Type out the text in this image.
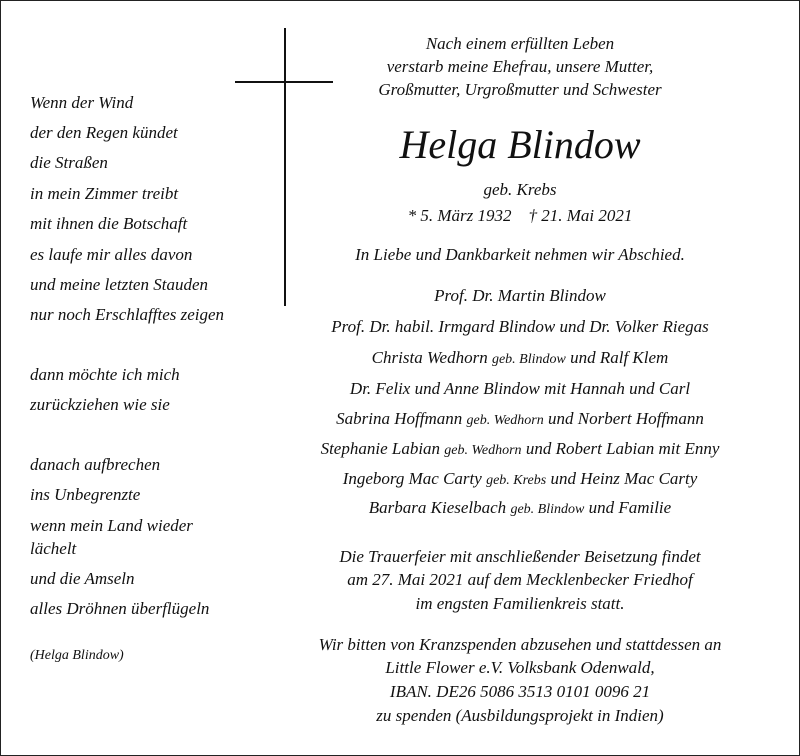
Wenn der Wind
der den Regen kündet
die Straßen
in mein Zimmer treibt
mit ihnen die Botschaft
es laufe mir alles davon
und meine letzten Stauden
nur noch Erschlafftes zeigen
dann möchte ich mich
zurückziehen wie sie
danach aufbrechen
ins Unbegrenzte
wenn mein Land wieder
lächelt
und die Amseln
alles Dröhnen überflügeln
(Helga Blindow)
Nach einem erfüllten Leben
verstarb meine Ehefrau, unsere Mutter,
Großmutter, Urgroßmutter und Schwester
Helga Blindow
geb. Krebs
* 5. März 1932 † 21. Mai 2021
In Liebe und Dankbarkeit nehmen wir Abschied.
Prof. Dr. Martin Blindow
Prof. Dr. habil. Irmgard Blindow und Dr. Volker Riegas
Christa Wedhorn geb. Blindow und Ralf Klem
Dr. Felix und Anne Blindow mit Hannah und Carl
Sabrina Hoffmann geb. Wedhorn und Norbert Hoffmann
Stephanie Labian geb. Wedhorn und Robert Labian mit Enny
Ingeborg Mac Carty geb. Krebs und Heinz Mac Carty
Barbara Kieselbach geb. Blindow und Familie
Die Trauerfeier mit anschließender Beisetzung findet
am 27. Mai 2021 auf dem Mecklenbecker Friedhof
im engsten Familienkreis statt.
Wir bitten von Kranzspenden abzusehen und stattdessen an
Little Flower e.V. Volksbank Odenwald,
IBAN. DE26 5086 3513 0101 0096 21
zu spenden (Ausbildungsprojekt in Indien)
